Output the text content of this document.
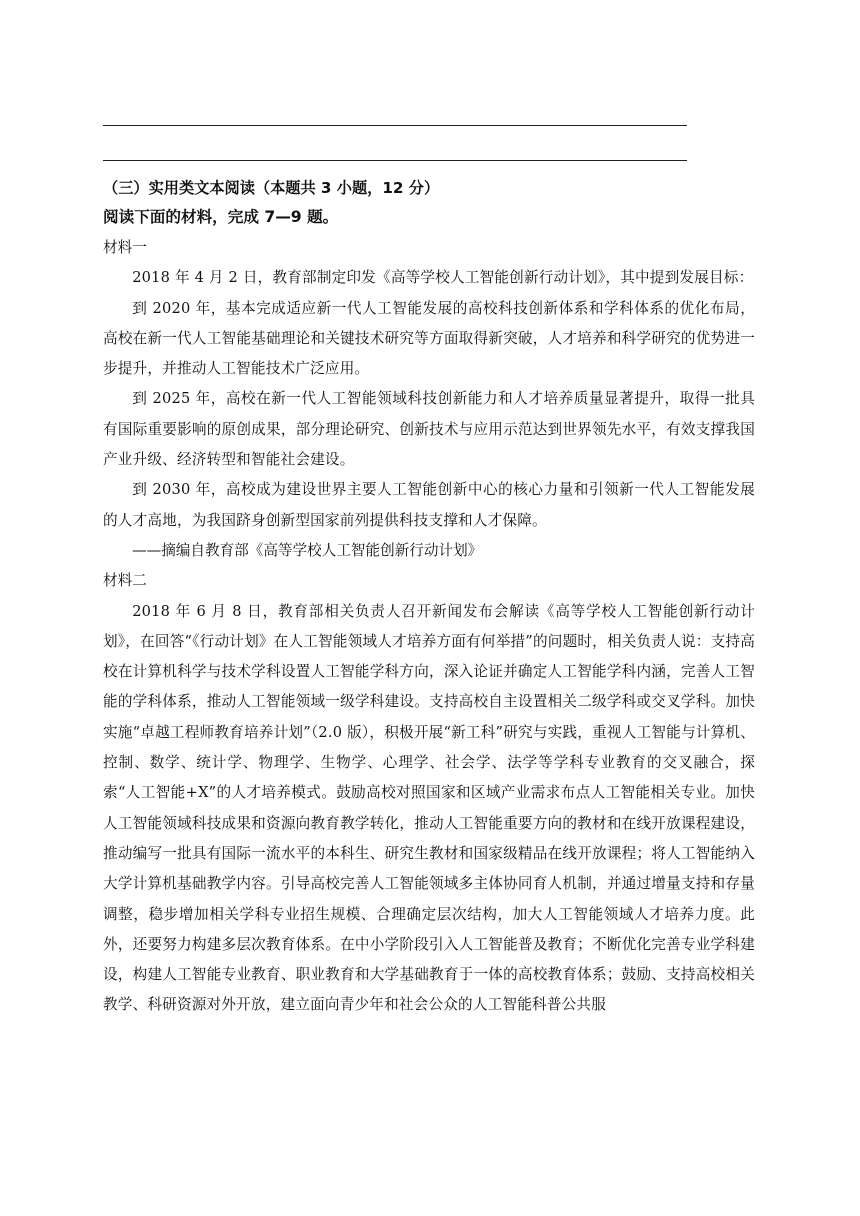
（三）实用类文本阅读（本题共 3 小题，12 分）

阅读下面的材料，完成 7—9 题。

材料一

2018 年 4 月 2 日，教育部制定印发《高等学校人工智能创新行动计划》，其中提到发展目标：

到 2020 年，基本完成适应新一代人工智能发展的高校科技创新体系和学科体系的优化布局，高校在新一代人工智能基础理论和关键技术研究等方面取得新突破，人才培养和科学研究的优势进一步提升，并推动人工智能技术广泛应用。

到 2025 年，高校在新一代人工智能领域科技创新能力和人才培养质量显著提升，取得一批具有国际重要影响的原创成果，部分理论研究、创新技术与应用示范达到世界领先水平，有效支撑我国产业升级、经济转型和智能社会建设。

到 2030 年，高校成为建设世界主要人工智能创新中心的核心力量和引领新一代人工智能发展的人才高地，为我国跻身创新型国家前列提供科技支撑和人才保障。

——摘编自教育部《高等学校人工智能创新行动计划》

材料二

2018 年 6 月 8 日，教育部相关负责人召开新闻发布会解读《高等学校人工智能创新行动计划》，在回答“《行动计划》在人工智能领域人才培养方面有何举措”的问题时，相关负责人说：支持高校在计算机科学与技术学科设置人工智能学科方向，深入论证并确定人工智能学科内涵，完善人工智能的学科体系，推动人工智能领域一级学科建设。支持高校自主设置相关二级学科或交叉学科。加快实施“卓越工程师教育培养计划”（2.0 版），积极开展“新工科”研究与实践，重视人工智能与计算机、控制、数学、统计学、物理学、生物学、心理学、社会学、法学等学科专业教育的交叉融合，探索“人工智能+X”的人才培养模式。鼓励高校对照国家和区域产业需求布点人工智能相关专业。加快人工智能领域科技成果和资源向教育教学转化，推动人工智能重要方向的教材和在线开放课程建设，推动编写一批具有国际一流水平的本科生、研究生教材和国家级精品在线开放课程；将人工智能纳入大学计算机基础教学内容。引导高校完善人工智能领域多主体协同育人机制，并通过增量支持和存量调整，稳步增加相关学科专业招生规模、合理确定层次结构，加大人工智能领域人才培养力度。此外，还要努力构建多层次教育体系。在中小学阶段引入人工智能普及教育；不断优化完善专业学科建设，构建人工智能专业教育、职业教育和大学基础教育于一体的高校教育体系；鼓励、支持高校相关教学、科研资源对外开放，建立面向青少年和社会公众的人工智能科普公共服
